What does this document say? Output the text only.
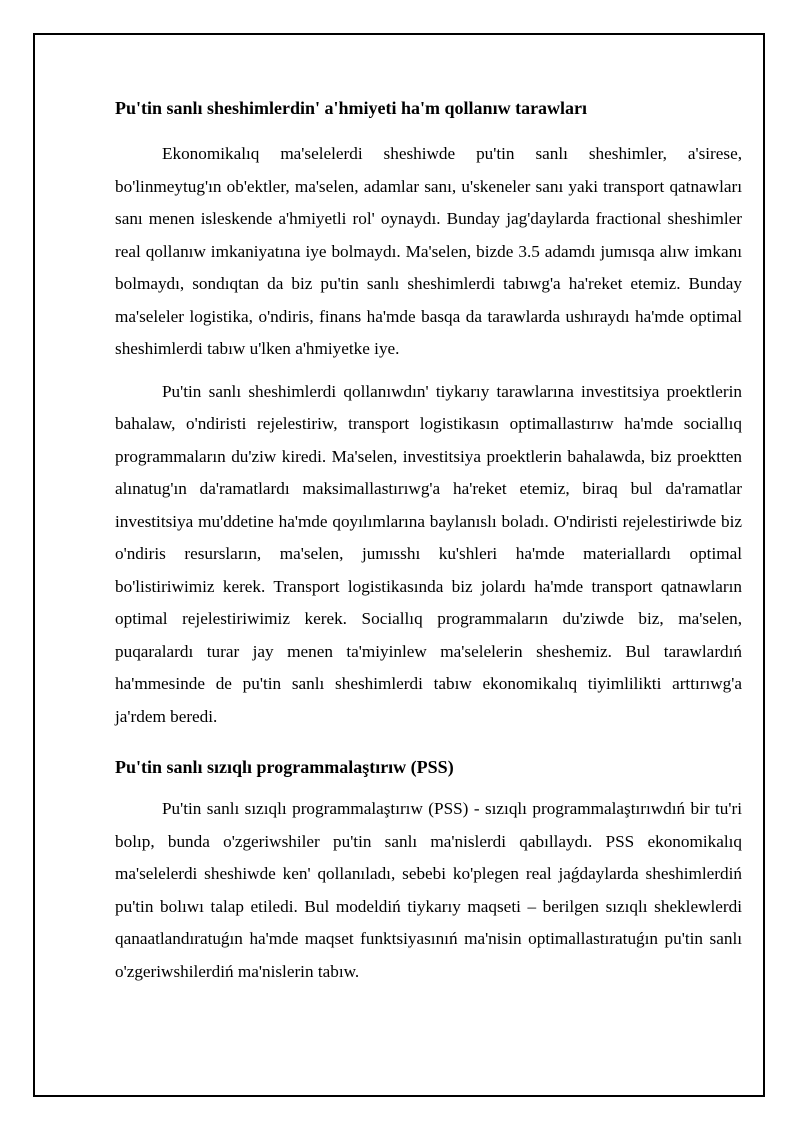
Pu'tin sanlı sheshimlerdin' a'hmiyeti ha'm qollanıw tarawları

Ekonomikalıq ma'selelerdi sheshiwde pu'tin sanlı sheshimler, a'sirese, bo'linmeytug'ın ob'ektler, ma'selen, adamlar sanı, u'skeneler sanı yaki transport qatnawları sanı menen isleskende a'hmiyetli rol' oynaydı. Bunday jag'daylarda fractional sheshimler real qollanıw imkaniyatına iye bolmaydı. Ma'selen, bizde 3.5 adamdı jumısqa alıw imkanı bolmaydı, sondıqtan da biz pu'tin sanlı sheshimlerdi tabıwg'a ha'reket etemiz. Bunday ma'seleler logistika, o'ndiris, finans ha'mde basqa da tarawlarda ushıraydı ha'mde optimal sheshimlerdi tabıw u'lken a'hmiyetke iye.

Pu'tin sanlı sheshimlerdi qollanıwdın' tiykarıy tarawlarına investitsiya proektlerin bahalaw, o'ndiristi rejelestiriw, transport logistikasın optimallastırıw ha'mde sociallıq programmaların du'ziw kiredi. Ma'selen, investitsiya proektlerin bahalawda, biz proektten alınatug'ın da'ramatlardı maksimallastırıwg'a ha'reket etemiz, biraq bul da'ramatlar investitsiya mu'ddetine ha'mde qoyılımlarına baylanıslı boladı. O'ndiristi rejelestiriwde biz o'ndiris resursların, ma'selen, jumısshı ku'shleri ha'mde materiallardı optimal bo'listiriwimiz kerek. Transport logistikasında biz jolardı ha'mde transport qatnawların optimal rejelestiriwimiz kerek. Sociallıq programmaların du'ziwde biz, ma'selen, puqaralardı turar jay menen ta'miyinlew ma'selelerin sheshemiz. Bul tarawlardıń ha'mmesinde de pu'tin sanlı sheshimlerdi tabıw ekonomikalıq tiyimlilikti arttırıwg'a ja'rdem beredi.

Pu'tin sanlı sızıqlı programmalaştırıw (PSS)

Pu'tin sanlı sızıqlı programmalaştırıw (PSS) - sızıqlı programmalaştırıwdıń bir tu'ri bolıp, bunda o'zgeriwshiler pu'tin sanlı ma'nislerdi qabıllaydı. PSS ekonomikalıq ma'selelerdi sheshiwde ken' qollanıladı, sebebi ko'plegen real jaǵdaylarda sheshimlerdiń pu'tin bolıwı talap etiledi. Bul modeldiń tiykarıy maqseti – berilgen sızıqlı sheklewlerdi qanaatlandıratuǵın ha'mde maqset funktsiyasınıń ma'nisin optimallastıratuǵın pu'tin sanlı o'zgeriwshilerdiń ma'nislerin tabıw.
